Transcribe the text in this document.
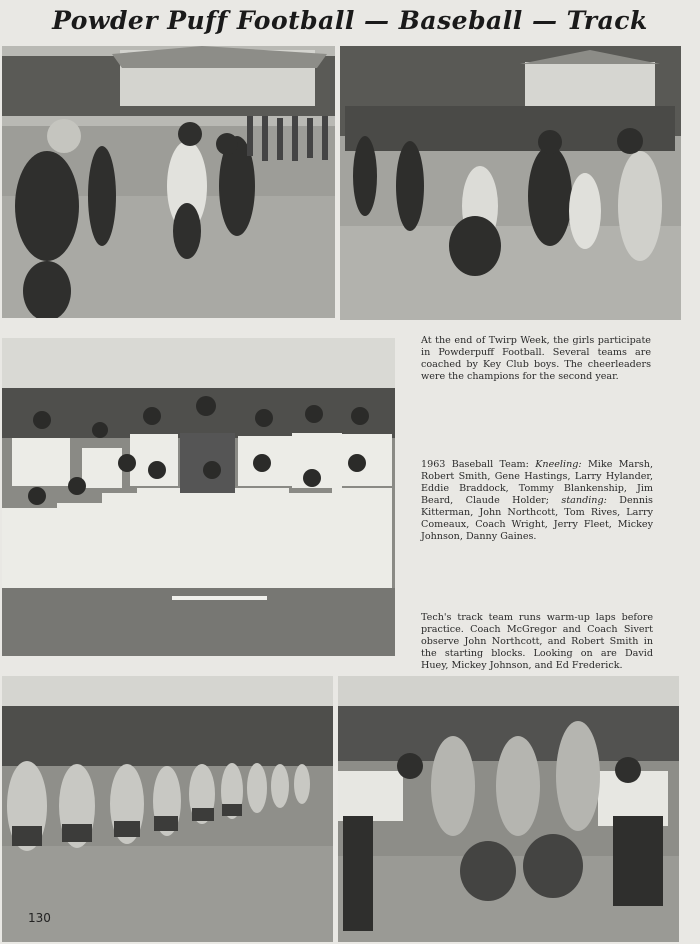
Powder Puff Football — Baseball — Track
At the end of Twirp Week, the girls participate in Powderpuff Football. Several teams are coached by Key Club boys. The cheerleaders were the champions for the second year.
1963 Baseball Team: Kneeling: Mike Marsh, Robert Smith, Gene Hastings, Larry Hylander, Eddie Braddock, Tommy Blankenship, Jim Beard, Claude Holder; standing: Dennis Kitterman, John Northcott, Tom Rives, Larry Comeaux, Coach Wright, Jerry Fleet, Mickey Johnson, Danny Gaines.
Tech's track team runs warm-up laps before practice. Coach McGregor and Coach Sivert observe John Northcott, and Robert Smith in the starting blocks. Looking on are David Huey, Mickey Johnson, and Ed Frederick.
130
